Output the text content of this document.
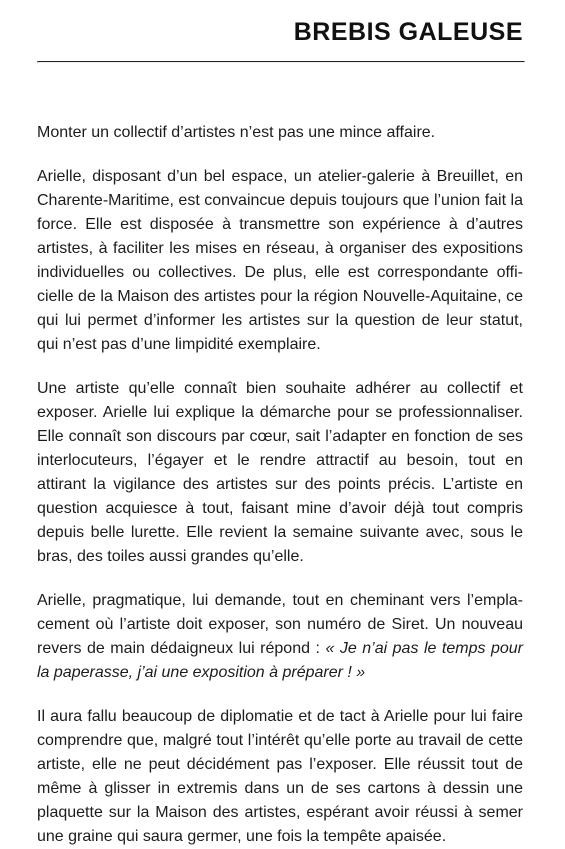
BREBIS GALEUSE

Monter un collectif d’artistes n’est pas une mince affaire.

Arielle, disposant d’un bel espace, un atelier-galerie à Breuillet, en Charente-Maritime, est convaincue depuis toujours que l’union fait la force. Elle est disposée à transmettre son expérience à d’autres artistes, à faciliter les mises en réseau, à organiser des expositions individuelles ou collectives. De plus, elle est correspondante officielle de la Maison des artistes pour la région Nouvelle-Aquitaine, ce qui lui permet d’informer les artistes sur la question de leur statut, qui n’est pas d’une limpidité exemplaire.

Une artiste qu’elle connaît bien souhaite adhérer au collectif et exposer. Arielle lui explique la démarche pour se professionnaliser. Elle connaît son discours par cœur, sait l’adapter en fonction de ses interlocuteurs, l’égayer et le rendre attractif au besoin, tout en attirant la vigilance des artistes sur des points précis. L’artiste en question acquiesce à tout, faisant mine d’avoir déjà tout compris depuis belle lurette. Elle revient la semaine suivante avec, sous le bras, des toiles aussi grandes qu’elle.

Arielle, pragmatique, lui demande, tout en cheminant vers l’emplacement où l’artiste doit exposer, son numéro de Siret. Un nouveau revers de main dédaigneux lui répond : « Je n’ai pas le temps pour la paperasse, j’ai une exposition à préparer ! »

Il aura fallu beaucoup de diplomatie et de tact à Arielle pour lui faire comprendre que, malgré tout l’intérêt qu’elle porte au travail de cette artiste, elle ne peut décidément pas l’exposer. Elle réussit tout de même à glisser in extremis dans un de ses cartons à dessin une plaquette sur la Maison des artistes, espérant avoir réussi à semer une graine qui saura germer, une fois la tempête apaisée.
